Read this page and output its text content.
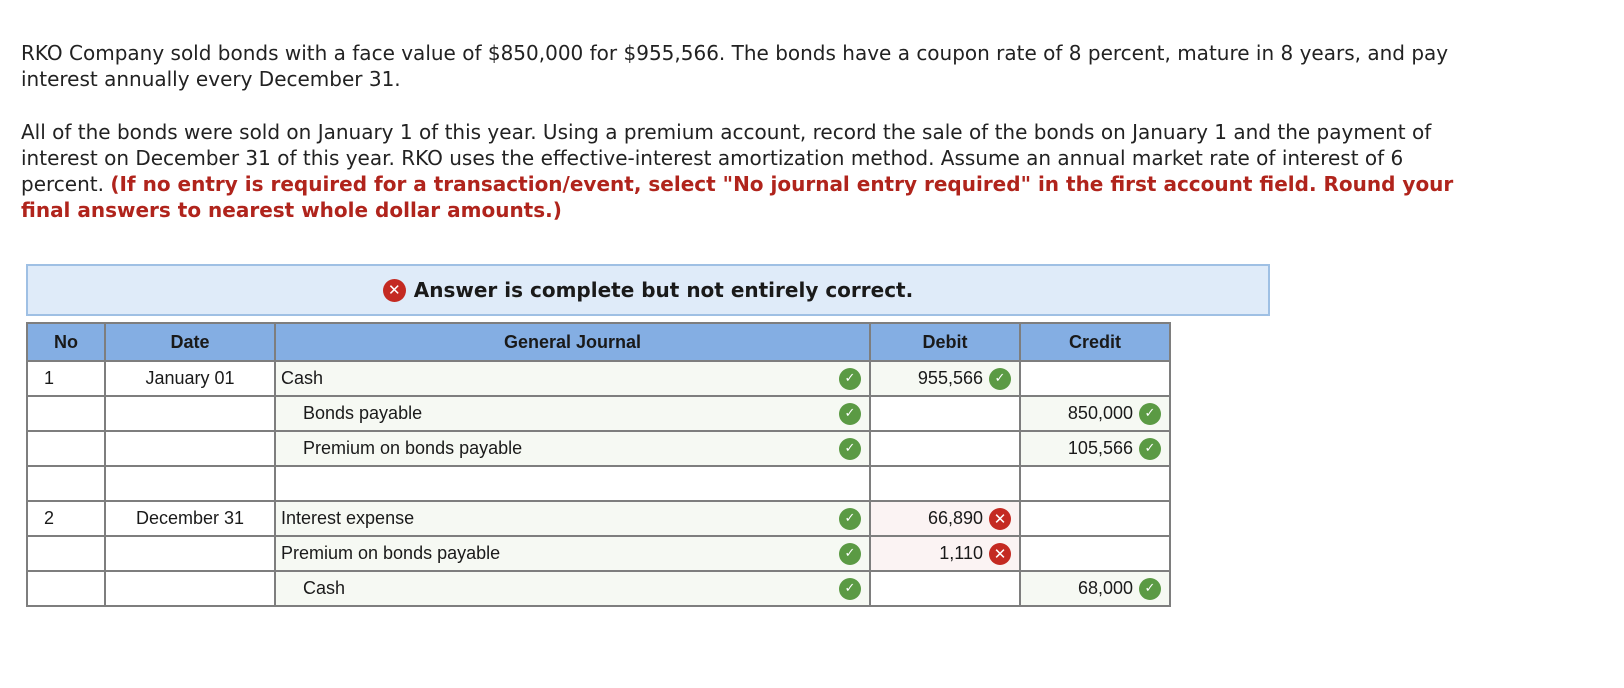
RKO Company sold bonds with a face value of $850,000 for $955,566. The bonds have a coupon rate of 8 percent, mature in 8 years, and pay interest annually every December 31.

All of the bonds were sold on January 1 of this year. Using a premium account, record the sale of the bonds on January 1 and the payment of interest on December 31 of this year. RKO uses the effective-interest amortization method. Assume an annual market rate of interest of 6 percent. (If no entry is required for a transaction/event, select "No journal entry required" in the first account field. Round your final answers to nearest whole dollar amounts.)

✕ Answer is complete but not entirely correct.
No	Date	General Journal	Debit	Credit
1	January 01	Cash ✓	955,566 ✓	

		Bonds payable ✓		850,000 ✓

		Premium on bonds payable ✓		105,566 ✓

2	December 31	Interest expense ✓	66,890 ✕	

		Premium on bonds payable ✓	1,110 ✕	

		Cash ✓		68,000 ✓
